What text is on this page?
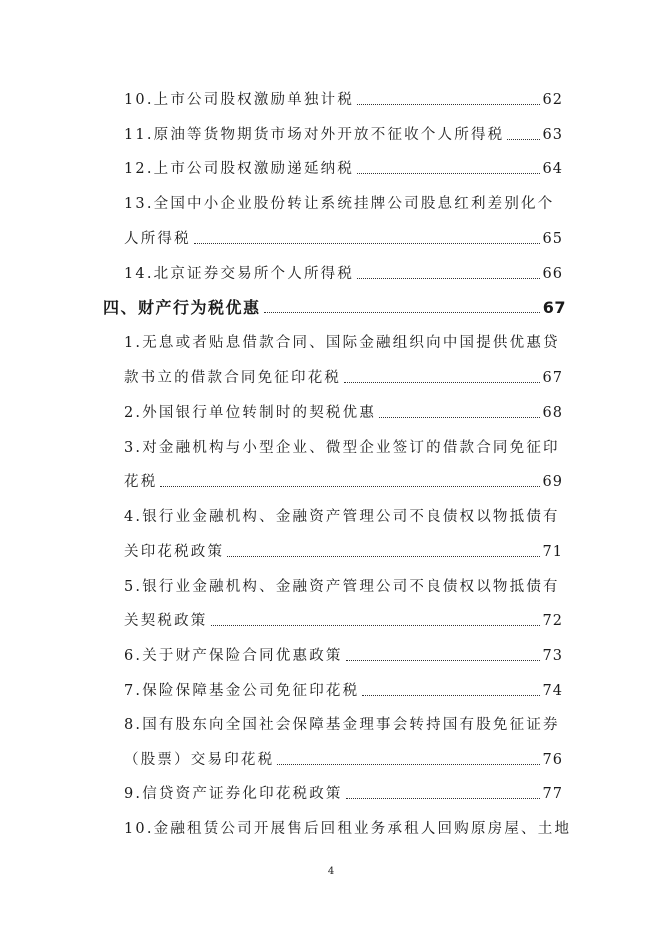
10.上市公司股权激励单独计税	62
11.原油等货物期货市场对外开放不征收个人所得税	63
12.上市公司股权激励递延纳税	64
13.全国中小企业股份转让系统挂牌公司股息红利差别化个
人所得税	65
14.北京证券交易所个人所得税	66
四、财产行为税优惠	67
1.无息或者贴息借款合同、国际金融组织向中国提供优惠贷
款书立的借款合同免征印花税	67
2.外国银行单位转制时的契税优惠	68
3.对金融机构与小型企业、微型企业签订的借款合同免征印
花税	69
4.银行业金融机构、金融资产管理公司不良债权以物抵债有
关印花税政策	71
5.银行业金融机构、金融资产管理公司不良债权以物抵债有
关契税政策	72
6.关于财产保险合同优惠政策	73
7.保险保障基金公司免征印花税	74
8.国有股东向全国社会保障基金理事会转持国有股免征证券
（股票）交易印花税	76
9.信贷资产证券化印花税政策	77
10.金融租赁公司开展售后回租业务承租人回购原房屋、土地
4
